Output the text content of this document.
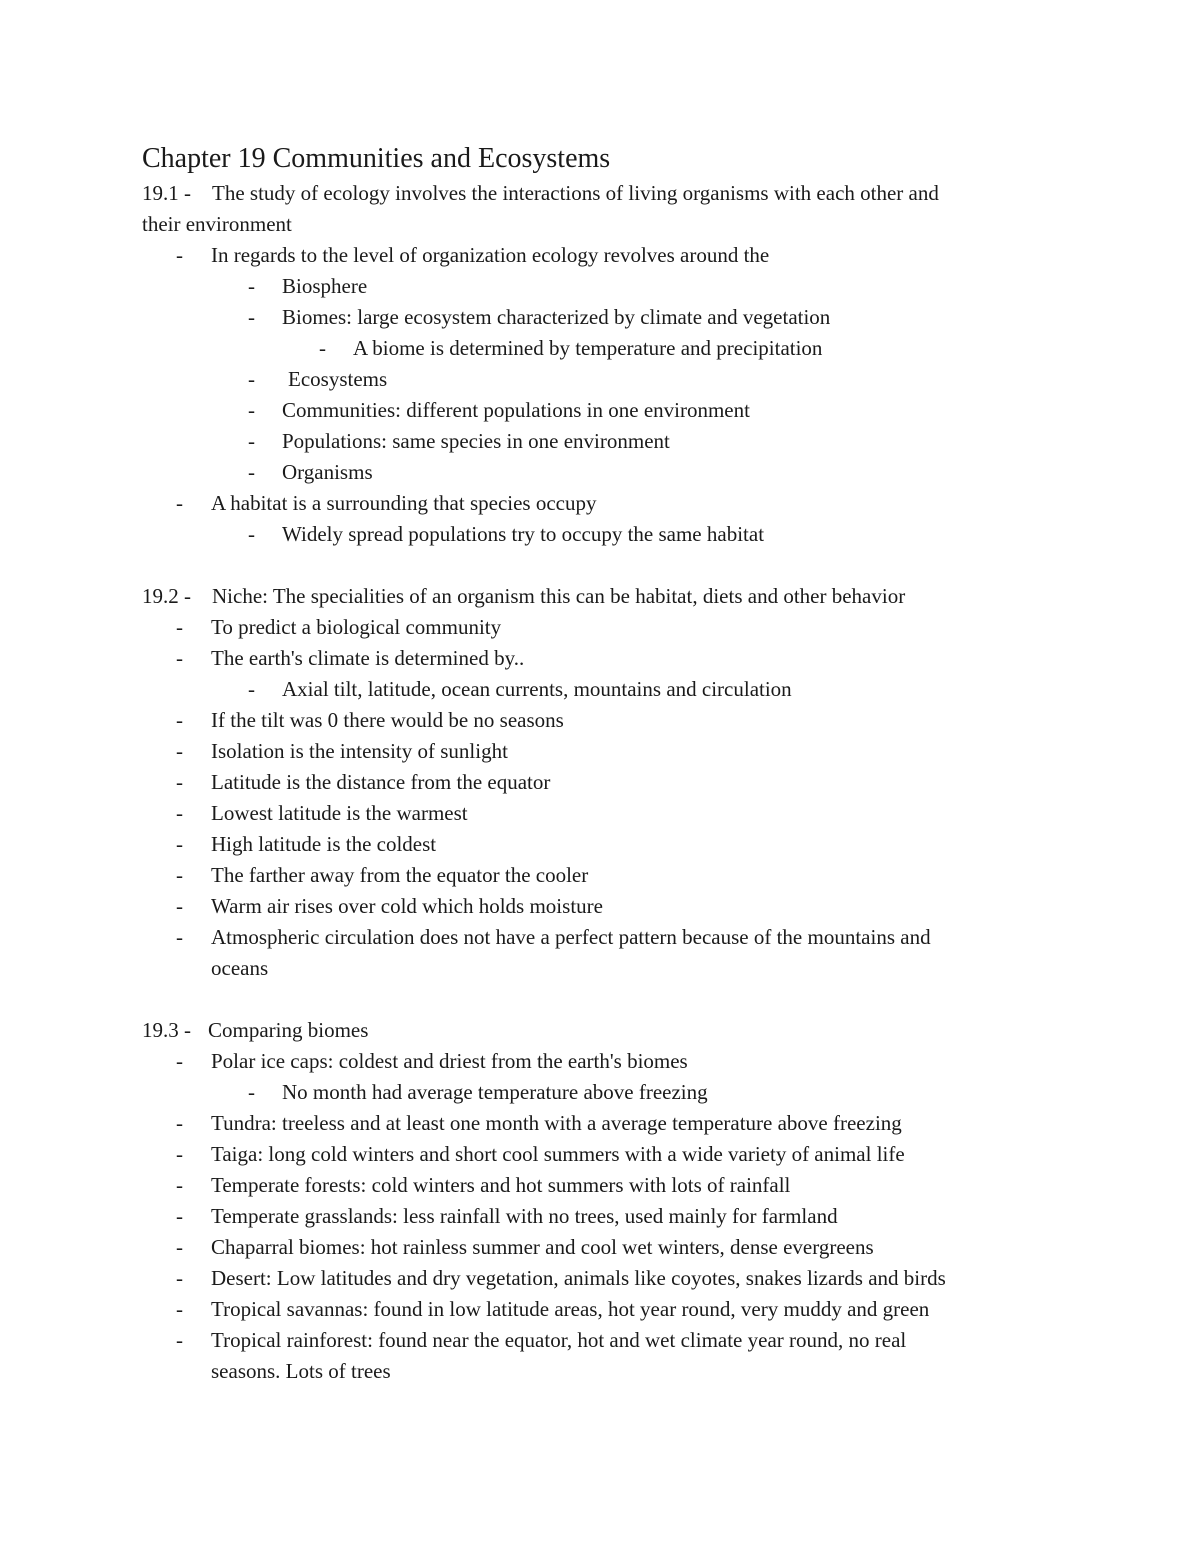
Chapter 19 Communities and Ecosystems
19.1 - The study of ecology involves the interactions of living organisms with each other and
their environment
- In regards to the level of organization ecology revolves around the
- Biosphere
- Biomes: large ecosystem characterized by climate and vegetation
- A biome is determined by temperature and precipitation
- Ecosystems
- Communities: different populations in one environment
- Populations: same species in one environment
- Organisms
- A habitat is a surrounding that species occupy
- Widely spread populations try to occupy the same habitat
19.2 - Niche: The specialities of an organism this can be habitat, diets and other behavior
- To predict a biological community
- The earth's climate is determined by..
- Axial tilt, latitude, ocean currents, mountains and circulation
- If the tilt was 0 there would be no seasons
- Isolation is the intensity of sunlight
- Latitude is the distance from the equator
- Lowest latitude is the warmest
- High latitude is the coldest
- The farther away from the equator the cooler
- Warm air rises over cold which holds moisture
- Atmospheric circulation does not have a perfect pattern because of the mountains and
oceans
19.3 - Comparing biomes
- Polar ice caps: coldest and driest from the earth's biomes
- No month had average temperature above freezing
- Tundra: treeless and at least one month with a average temperature above freezing
- Taiga: long cold winters and short cool summers with a wide variety of animal life
- Temperate forests: cold winters and hot summers with lots of rainfall
- Temperate grasslands: less rainfall with no trees, used mainly for farmland
- Chaparral biomes: hot rainless summer and cool wet winters, dense evergreens
- Desert: Low latitudes and dry vegetation, animals like coyotes, snakes lizards and birds
- Tropical savannas: found in low latitude areas, hot year round, very muddy and green
- Tropical rainforest: found near the equator, hot and wet climate year round, no real
seasons. Lots of trees
